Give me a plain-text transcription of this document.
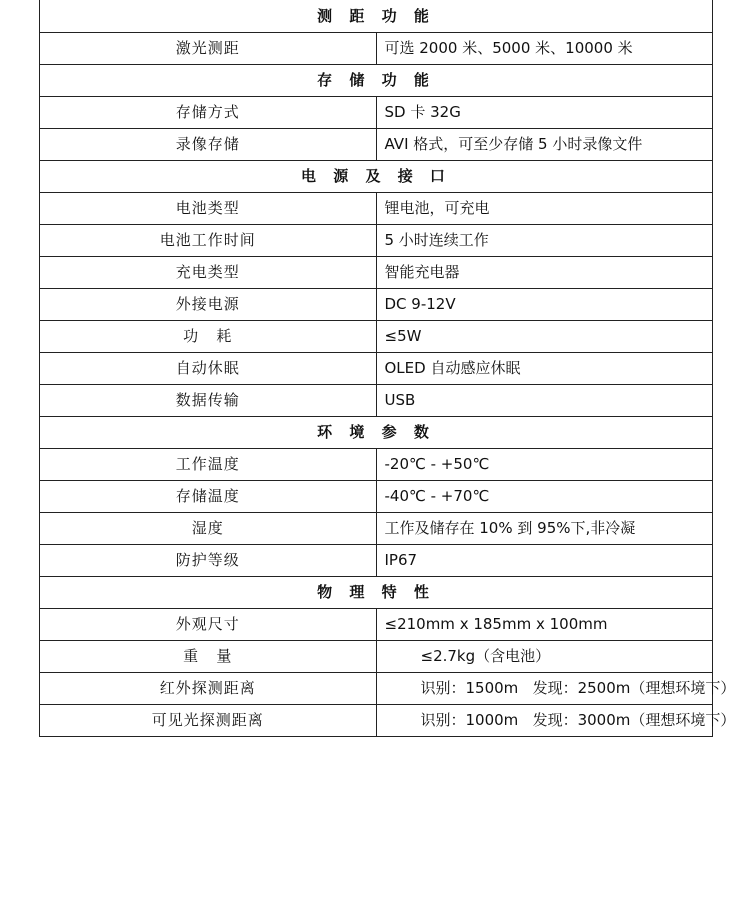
测 距 功 能	
激光测距	可选 2000 米、5000 米、10000 米
存 储 功 能	
存储方式	SD 卡 32G
录像存储	AVI 格式，可至少存储 5 小时录像文件
电 源 及 接 口	
电池类型	锂电池，可充电
电池工作时间	5 小时连续工作
充电类型	智能充电器
外接电源	DC 9-12V
功   耗	≤5W
自动休眠	OLED 自动感应休眠
数据传输	USB
环 境 参 数	
工作温度	-20℃ - +50℃
存储温度	-40℃ - +70℃
湿度	工作及储存在 10% 到 95%下,非冷凝
防护等级	IP67
物 理 特 性	
外观尺寸	≤210mm x 185mm x 100mm
重   量	≤2.7kg（含电池）
红外探测距离	识别：1500m   发现：2500m（理想环境下）
可见光探测距离	识别：1000m   发现：3000m（理想环境下）
